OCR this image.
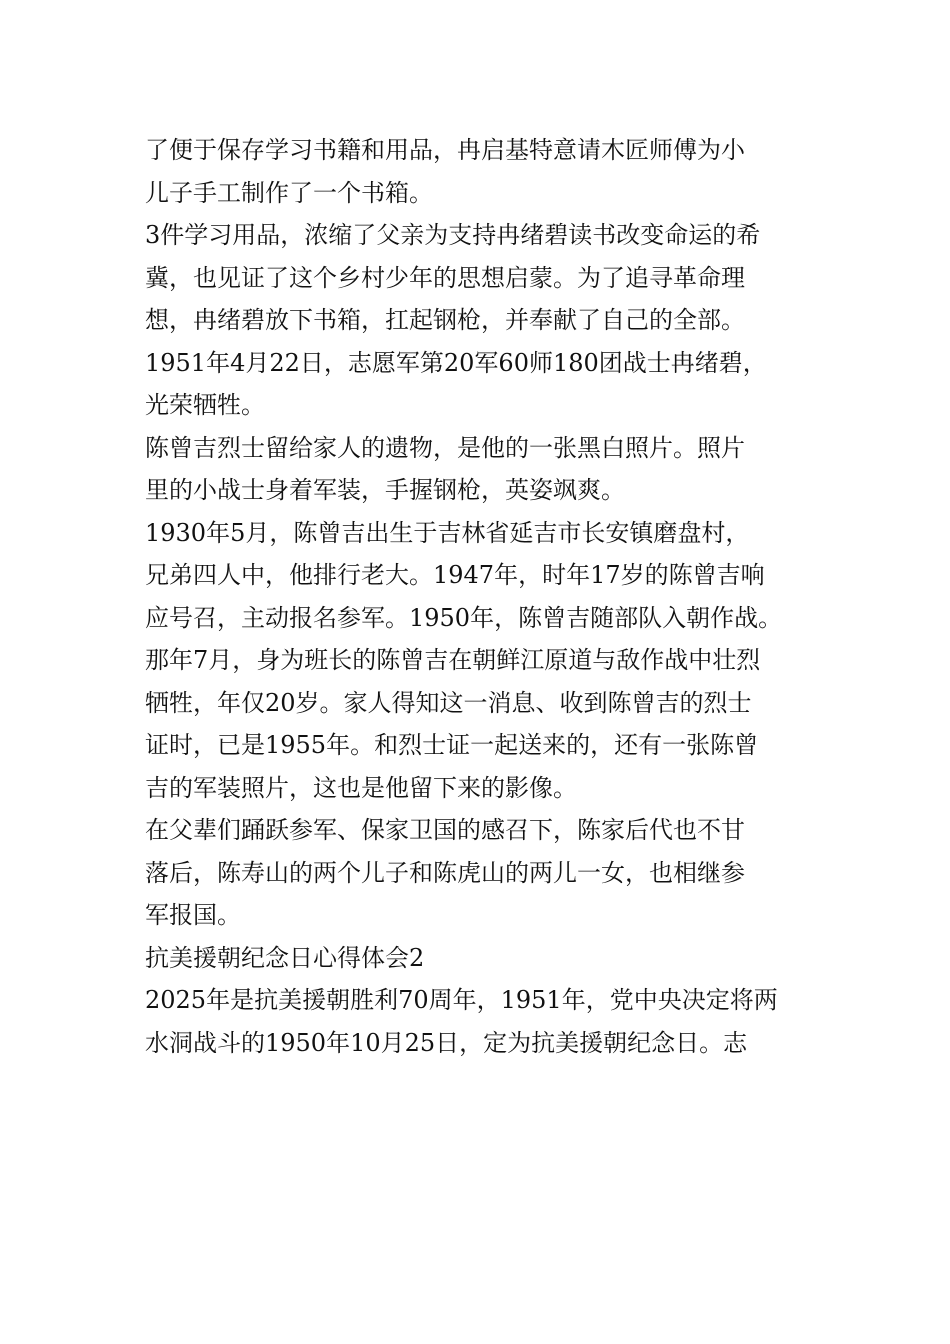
了便于保存学习书籍和用品，冉启基特意请木匠师傅为小
儿子手工制作了一个书箱。
3件学习用品，浓缩了父亲为支持冉绪碧读书改变命运的希
冀，也见证了这个乡村少年的思想启蒙。为了追寻革命理
想，冉绪碧放下书箱，扛起钢枪，并奉献了自己的全部。
1951年4月22日，志愿军第20军60师180团战士冉绪碧，
光荣牺牲。
陈曾吉烈士留给家人的遗物，是他的一张黑白照片。照片
里的小战士身着军装，手握钢枪，英姿飒爽。
1930年5月，陈曾吉出生于吉林省延吉市长安镇磨盘村，
兄弟四人中，他排行老大。1947年，时年17岁的陈曾吉响
应号召，主动报名参军。1950年，陈曾吉随部队入朝作战。
那年7月，身为班长的陈曾吉在朝鲜江原道与敌作战中壮烈
牺牲，年仅20岁。家人得知这一消息、收到陈曾吉的烈士
证时，已是1955年。和烈士证一起送来的，还有一张陈曾
吉的军装照片，这也是他留下来的影像。
在父辈们踊跃参军、保家卫国的感召下，陈家后代也不甘
落后，陈寿山的两个儿子和陈虎山的两儿一女，也相继参
军报国。
抗美援朝纪念日心得体会2
2025年是抗美援朝胜利70周年，1951年，党中央决定将两
水洞战斗的1950年10月25日，定为抗美援朝纪念日。志
